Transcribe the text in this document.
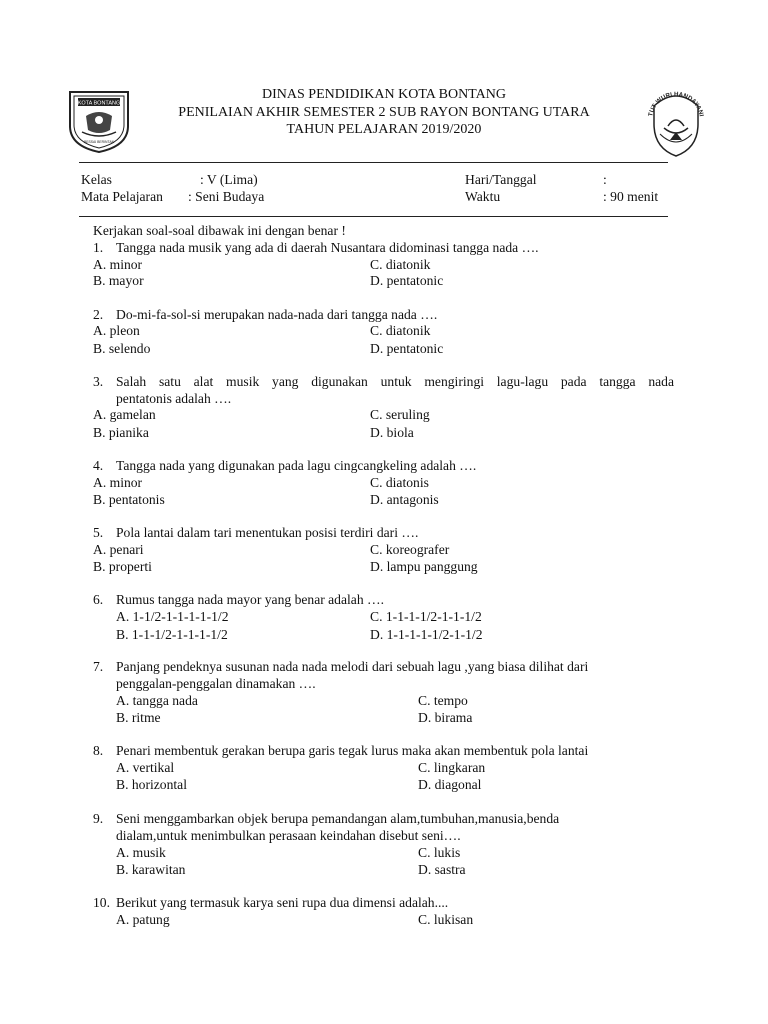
KOTA BONTANG
BESSAI BERINTAN
TUT WURI HANDAYANI
DINAS PENDIDIKAN KOTA BONTANG
PENILAIAN AKHIR SEMESTER 2 SUB RAYON BONTANG UTARA
TAHUN PELAJARAN 2019/2020
Kelas	: V (Lima)	Hari/Tanggal	:
Mata Pelajaran : Seni Budaya	Waktu	: 90 menit
Kerjakan soal-soal dibawak ini dengan benar !
1. Tangga nada musik yang ada di daerah Nusantara didominasi tangga nada ….
A. minor	C. diatonik
B. mayor	D. pentatonic
2. Do-mi-fa-sol-si merupakan nada-nada dari tangga nada ….
A. pleon	C. diatonik
B. selendo	D. pentatonic
3. Salah satu alat musik yang digunakan untuk mengiringi lagu-lagu pada tangga nada
pentatonis adalah ….
A. gamelan	C. seruling
B. pianika	D. biola
4. Tangga nada yang digunakan pada lagu cingcangkeling adalah ….
A. minor	C. diatonis
B. pentatonis	D. antagonis
5. Pola lantai dalam tari menentukan posisi terdiri dari ….
A. penari	C. koreografer
B. properti	D. lampu panggung
6. Rumus tangga nada mayor yang benar adalah ….
A. 1-1/2-1-1-1-1-1/2	C. 1-1-1-1/2-1-1-1/2
B. 1-1-1/2-1-1-1-1/2	D. 1-1-1-1-1/2-1-1/2
7. Panjang pendeknya susunan nada nada melodi dari sebuah lagu ,yang biasa dilihat dari
penggalan-penggalan dinamakan ….
A. tangga nada	C. tempo
B. ritme	D. birama
8. Penari membentuk gerakan berupa garis tegak lurus maka akan membentuk pola lantai
A. vertikal	C. lingkaran
B. horizontal	D. diagonal
9. Seni menggambarkan objek berupa pemandangan alam,tumbuhan,manusia,benda
dialam,untuk menimbulkan perasaan keindahan disebut seni….
A. musik	C. lukis
B. karawitan	D. sastra
10. Berikut yang termasuk karya seni rupa dua dimensi adalah....
A. patung	C. lukisan
